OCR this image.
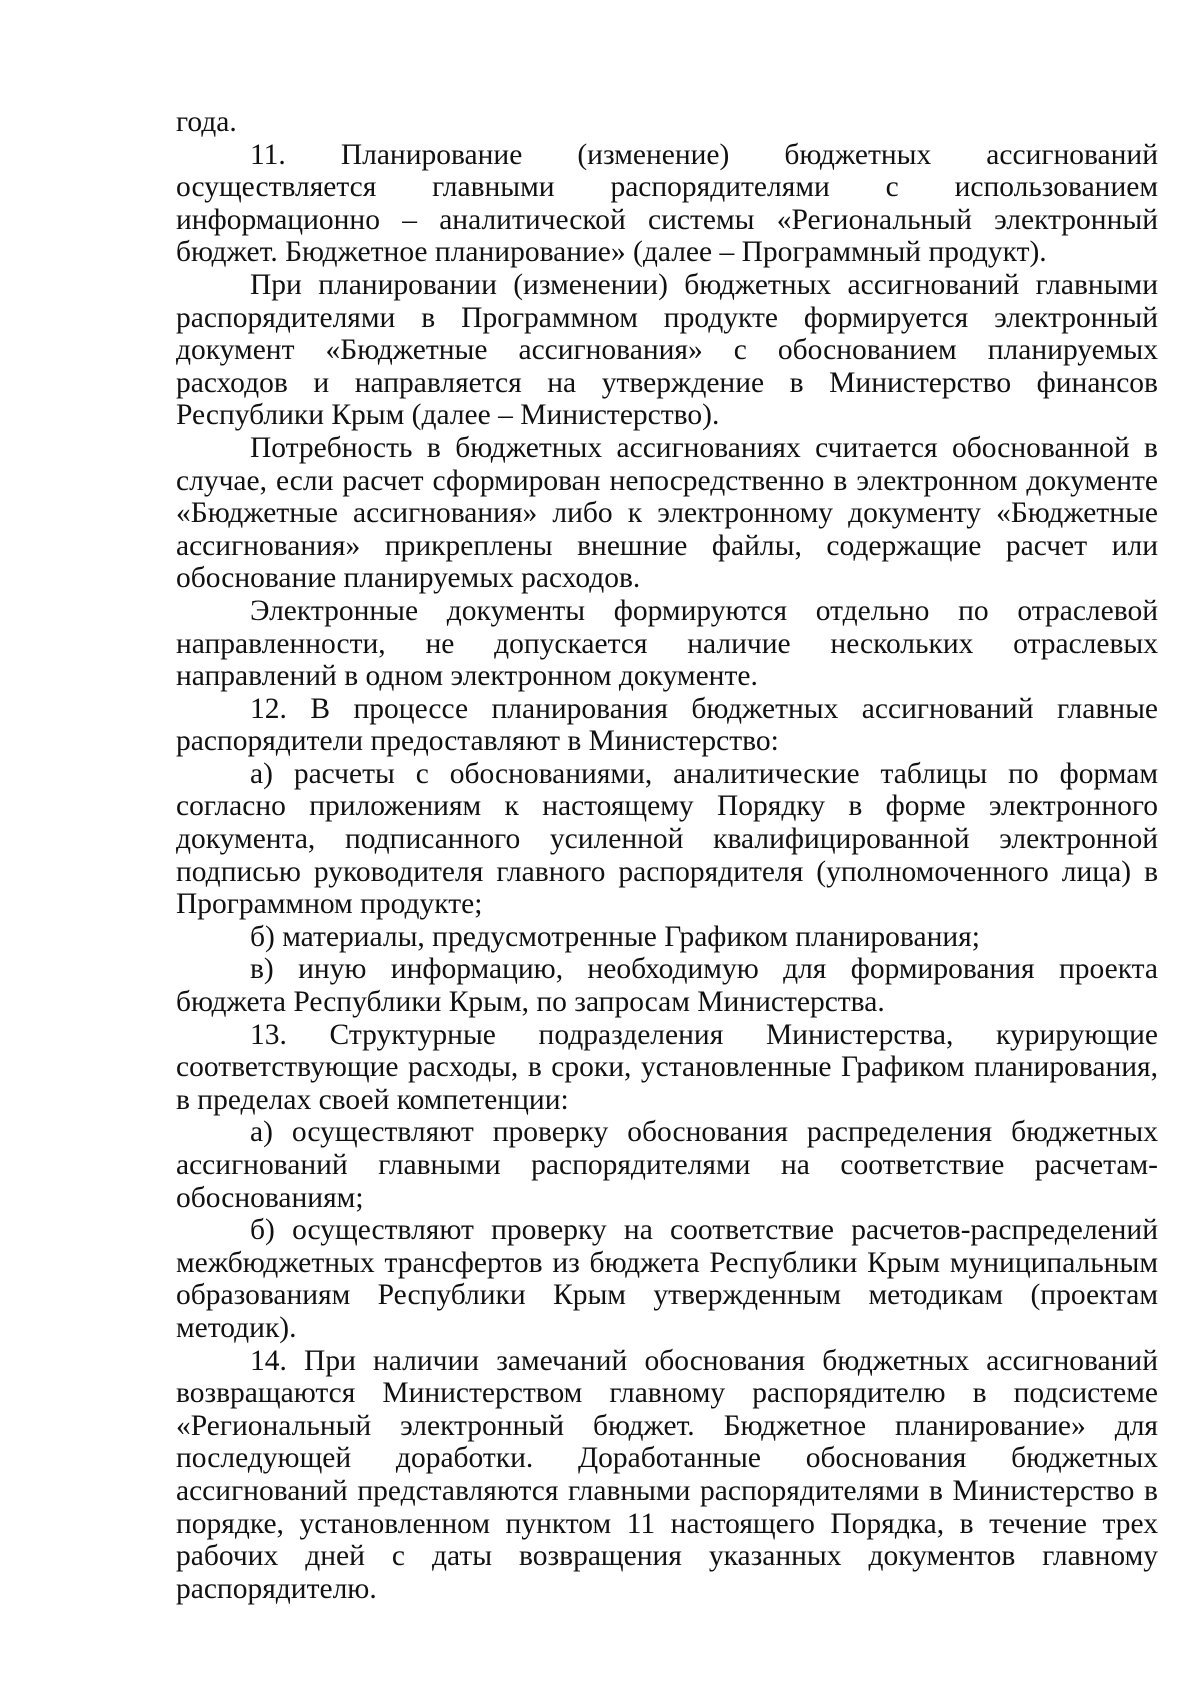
года.

11. Планирование (изменение) бюджетных ассигнований осуществляется главными распорядителями с использованием информационно – аналитической системы «Региональный электронный бюджет. Бюджетное планирование» (далее – Программный продукт).

При планировании (изменении) бюджетных ассигнований главными распорядителями в Программном продукте формируется электронный документ «Бюджетные ассигнования» с обоснованием планируемых расходов и направляется на утверждение в Министерство финансов Республики Крым (далее – Министерство).

Потребность в бюджетных ассигнованиях считается обоснованной в случае, если расчет сформирован непосредственно в электронном документе «Бюджетные ассигнования» либо к электронному документу «Бюджетные ассигнования» прикреплены внешние файлы, содержащие расчет или обоснование планируемых расходов.

Электронные документы формируются отдельно по отраслевой направленности, не допускается наличие нескольких отраслевых направлений в одном электронном документе.

12. В процессе планирования бюджетных ассигнований главные распорядители предоставляют в Министерство:

а) расчеты с обоснованиями, аналитические таблицы по формам согласно приложениям к настоящему Порядку в форме электронного документа, подписанного усиленной квалифицированной электронной подписью руководителя главного распорядителя (уполномоченного лица) в Программном продукте;

б) материалы, предусмотренные Графиком планирования;

в) иную информацию, необходимую для формирования проекта бюджета Республики Крым, по запросам Министерства.

13. Структурные подразделения Министерства, курирующие соответствующие расходы, в сроки, установленные Графиком планирования, в пределах своей компетенции:

а) осуществляют проверку обоснования распределения бюджетных ассигнований главными распорядителями на соответствие расчетам-обоснованиям;

б) осуществляют проверку на соответствие расчетов-распределений межбюджетных трансфертов из бюджета Республики Крым муниципальным образованиям Республики Крым утвержденным методикам (проектам методик).

14. При наличии замечаний обоснования бюджетных ассигнований возвращаются Министерством главному распорядителю в подсистеме «Региональный электронный бюджет. Бюджетное планирование» для последующей доработки. Доработанные обоснования бюджетных ассигнований представляются главными распорядителями в Министерство в порядке, установленном пунктом 11 настоящего Порядка, в течение трех рабочих дней с даты возвращения указанных документов главному распорядителю.
